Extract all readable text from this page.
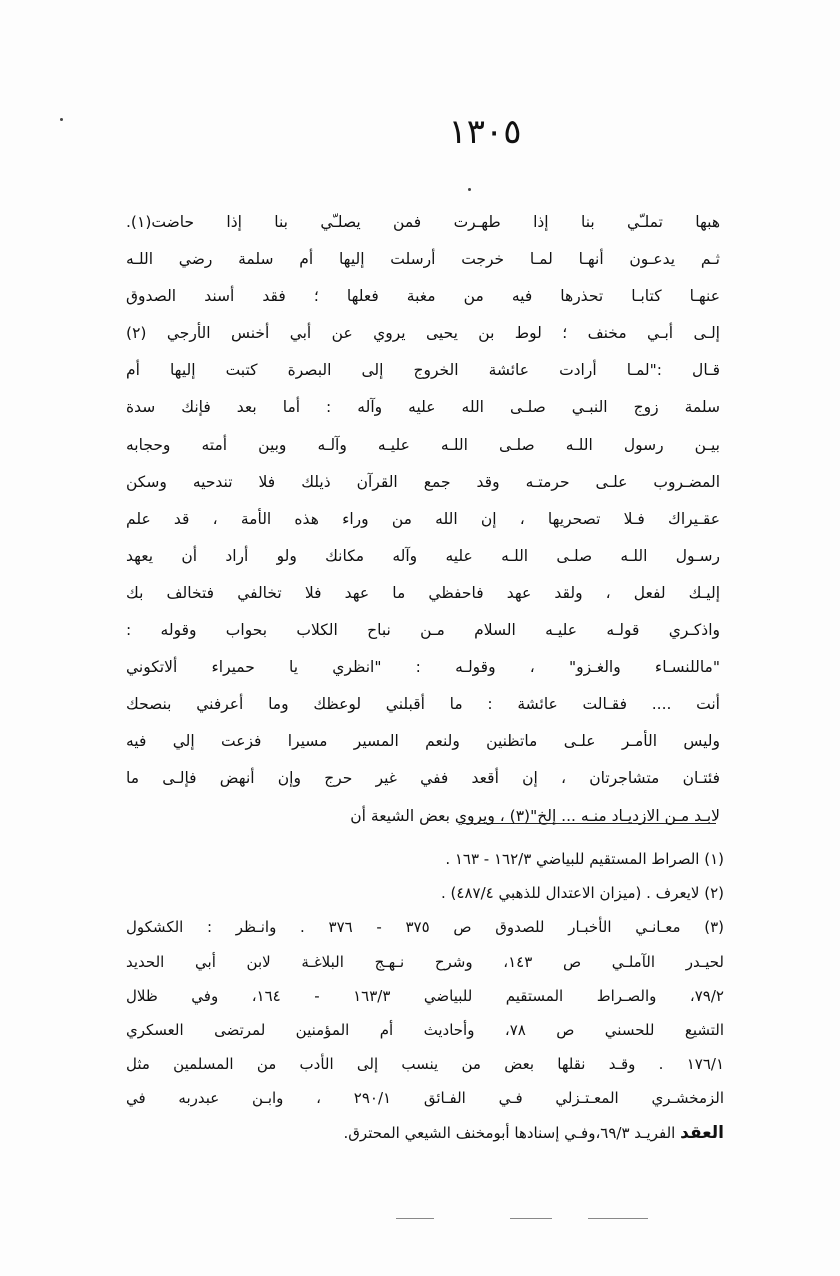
١٣٠٥
هبها تملـّي بنا إذا طهـرت فمن يصلـّي بنا إذا حاضت(١).
ثـم يدعـون أنهـا لمـا خرجت أرسلت إليها أم سلمة رضي اللـه
عنهـا كتابـا تحذرها فيه من مغبة فعلها ؛ فقد أسند الصدوق
إلـى أبـي مخنف ؛ لوط بن يحيى يروي عن أبي أخنس الأرجي (٢)
قـال :"لمـا أرادت عائشة الخروج إلى البصرة كتبت إليها أم
سلمة زوج النبـي صلـى الله عليه وآله : أما بعد فإنك سدة
بيـن رسول اللـه صلـى اللـه عليـه وآلـه وبين أمته وحجابه
المضـروب علـى حرمتـه وقد جمع القرآن ذيلك فلا تندحيه وسكن
عقـيراك فـلا تصحريها ، إن الله من وراء هذه الأمة ، قد علم
رسـول اللـه صلـى اللـه عليه وآله مكانك ولو أراد أن يعهد
إليـك لفعل ، ولقد عهد فاحفظي ما عهد فلا تخالفي فتخالف بك
واذكـري قولـه عليـه السلام مـن نباح الكلاب بحواب وقوله :
"ماللنسـاء والغـزو" ، وقولـه : "انظري يا حميراء ألاتكوني
أنت .... فقـالت عائشة : ما أقبلني لوعظك وما أعرفني بنصحك
وليس الأمـر علـى ماتظنين ولنعم المسير مسيرا فزعت إلي فيه
فئتـان متشاجرتان ، إن أقعد ففي غير حرج وإن أنهض فإلـى ما
لابـد مـن الازديـاد منـه ... إلخ"(٣) ، ويروي بعض الشيعة أن
(١) الصراط المستقيم للبياضي ١٦٢/٣ - ١٦٣ .
(٢) لايعرف . (ميزان الاعتدال للذهبي ٤٨٧/٤) .
(٣) معـانـي الأخبـار للصدوق ص ٣٧٥ - ٣٧٦ . وانـظر : الكشكول
لحيـدر الآملـي ص ١٤٣، وشرح نـهـج البلاغـة لابن أبي الحديد
٧٩/٢، والصـراط المستقيم للبياضي ١٦٣/٣ - ١٦٤، وفي ظلال
التشيع للحسني ص ٧٨، وأحاديث أم المؤمنين لمرتضى العسكري
١٧٦/١ . وقـد نقلها بعض من ينسب إلى الأدب من المسلمين مثل
الزمخشـري المعـتـزلي فـي الفـائق ٢٩٠/١ ، وابـن عبدربه في
العقد الفريـد ٦٩/٣،وفـي إسنادها أبومخنف الشيعي المحترق.
